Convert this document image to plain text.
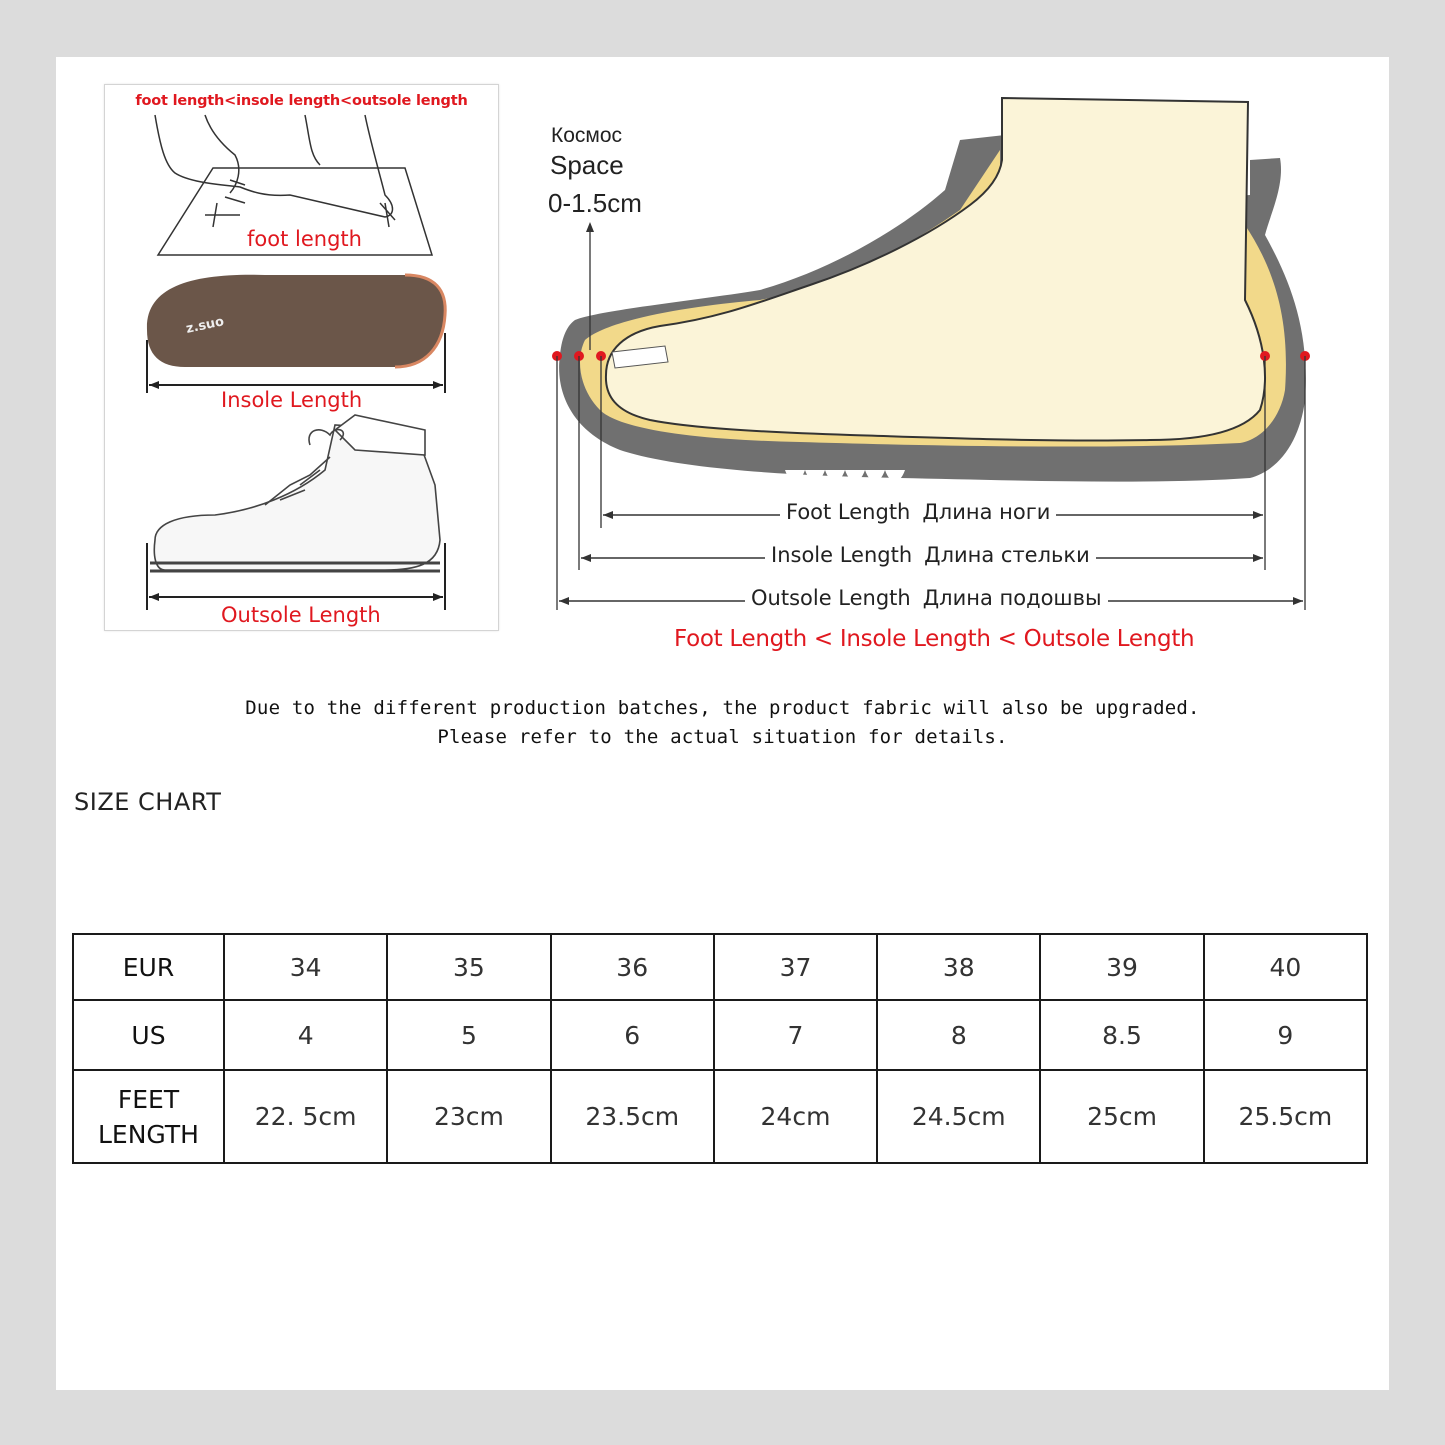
foot length<insole length<outsole length
z.suo
foot length
Insole Length
Outsole Length
Космос
Space
0-1.5cm
Foot Length Длина ноги
Insole Length Длина стельки
Outsole Length Длина подошвы
Foot Length < Insole Length < Outsole Length
Due to the different production batches, the product fabric will also be upgraded.
Please refer to the actual situation for details.
SIZE CHART
EUR	34	35	36	37	38	39	40
US	4	5	6	7	8	8.5	9
FEET LENGTH	22. 5cm	23cm	23.5cm	24cm	24.5cm	25cm	25.5cm
